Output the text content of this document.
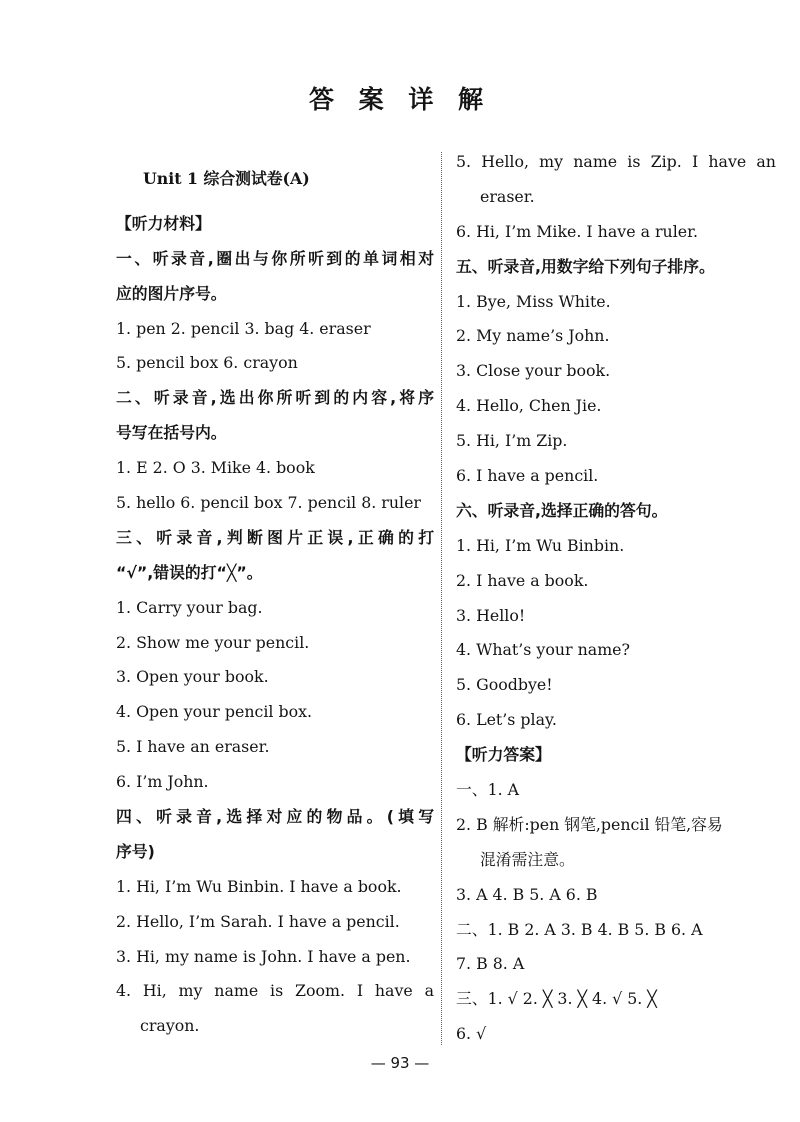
答 案 详 解
Unit 1 综合测试卷(A)
【听力材料】
一、听录音,圈出与你所听到的单词相对
应的图片序号。
1. pen 2. pencil 3. bag 4. eraser
5. pencil box 6. crayon
二、听录音,选出你所听到的内容,将序
号写在括号内。
1. E 2. O 3. Mike 4. book
5. hello 6. pencil box 7. pencil 8. ruler
三、听录音,判断图片正误,正确的打
“√”,错误的打“╳”。
1. Carry your bag.
2. Show me your pencil.
3. Open your book.
4. Open your pencil box.
5. I have an eraser.
6. I’m John.
四、听录音,选择对应的物品。(填写
序号)
1. Hi, I’m Wu Binbin. I have a book.
2. Hello, I’m Sarah. I have a pencil.
3. Hi, my name is John. I have a pen.
4. Hi, my name is Zoom. I have a
crayon.
5. Hello, my name is Zip. I have an
eraser.
6. Hi, I’m Mike. I have a ruler.
五、听录音,用数字给下列句子排序。
1. Bye, Miss White.
2. My name’s John.
3. Close your book.
4. Hello, Chen Jie.
5. Hi, I’m Zip.
6. I have a pencil.
六、听录音,选择正确的答句。
1. Hi, I’m Wu Binbin.
2. I have a book.
3. Hello!
4. What’s your name?
5. Goodbye!
6. Let’s play.
【听力答案】
一、1. A
2. B 解析:pen 钢笔,pencil 铅笔,容易
混淆需注意。
3. A 4. B 5. A 6. B
二、1. B 2. A 3. B 4. B 5. B 6. A
7. B 8. A
三、1. √ 2. ╳ 3. ╳ 4. √ 5. ╳
6. √
— 93 —
